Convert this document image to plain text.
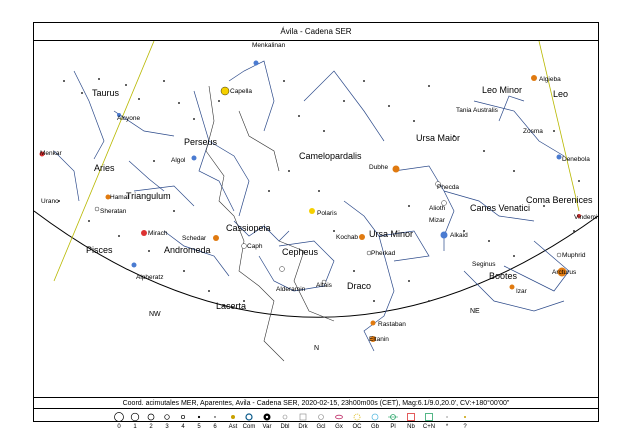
Ávila - Cadena SER
Taurus
Perseus
Aries
Triangulum
Pisces	Andromeda
Cassiopeia
Camelopardalis
Cepheus
Lacerta
Draco
Ursa Minor
Ursa Maior
Leo Minor	Leo
Canes Venatici
Coma Berenices
Bootes
Menkalinan
Capella
Alcyone
Algol
Menkar
Urano
Hamal
Sheratan
Mirach
Schedar
Caph
Alpheratz
Alderamin
Polaris
Kochab
Pherkad
Dubhe
Phecda
Alioth
Mizar
Alkaid
Algieba
Tania Australis
Zosma
Denebola
Vindemi
Muphrid
Arcturus
Seginus
Izar
Altais
Rastaban
Eltanin
NW
N
NE
Coord. acimutales MER, Aparentes, Avila - Cadena SER, 2020-02-15, 23h00m00s (CET), Mag:6.1/9.0,20.0', CV:+180°00'00"
0	1	2	3	4	5	6	Ast Com	Var	Dbl	Drk	Gcl	Gx	OC	Gb	Pl	Nb	C+N
·
*	?
